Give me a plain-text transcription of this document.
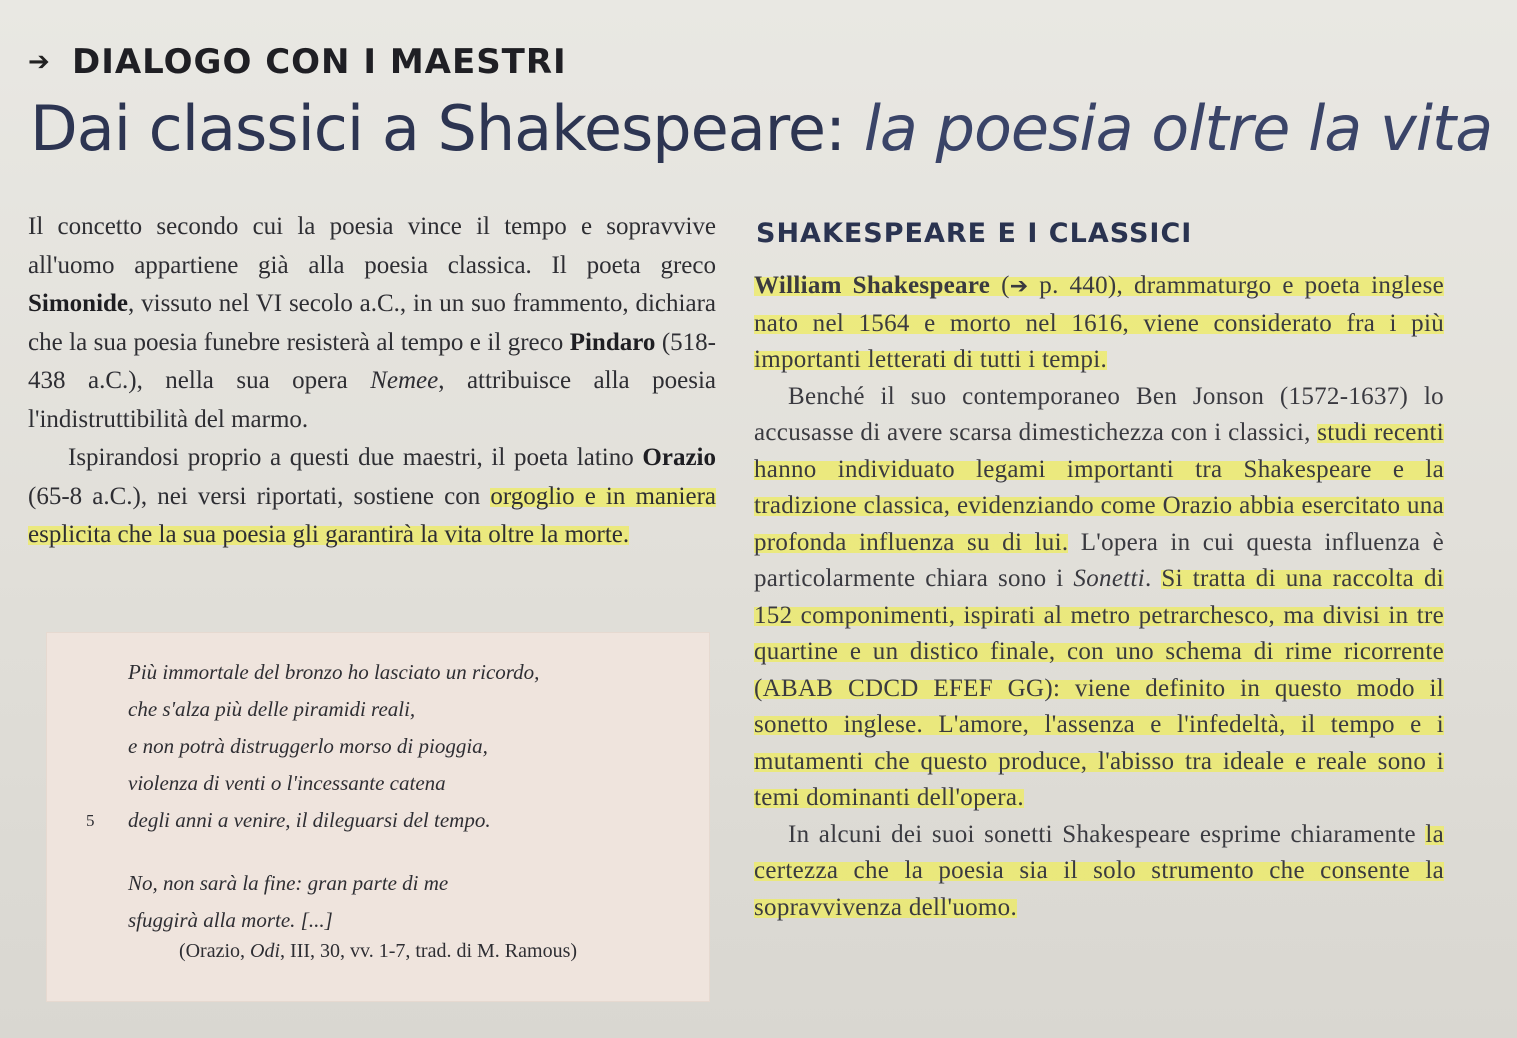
➔ DIALOGO CON I MAESTRI
Dai classici a Shakespeare: la poesia oltre la vita

Il concetto secondo cui la poesia vince il tempo e sopravvive all'uomo appartiene già alla poesia classica. Il poeta greco Simonide, vissuto nel VI secolo a.C., in un suo frammento, dichiara che la sua poesia funebre resisterà al tempo e il greco Pindaro (518-438 a.C.), nella sua opera Nemee, attribuisce alla poesia l'indistruttibilità del marmo.

Ispirandosi proprio a questi due maestri, il poeta latino Orazio (65-8 a.C.), nei versi riportati, sostiene con orgoglio e in maniera esplicita che la sua poesia gli garantirà la vita oltre la morte.

Più immortale del bronzo ho lasciato un ricordo,
che s'alza più delle piramidi reali,
e non potrà distruggerlo morso di pioggia,
violenza di venti o l'incessante catena
5 degli anni a venire, il dileguarsi del tempo.
No, non sarà la fine: gran parte di me
sfuggirà alla morte. [...]
(Orazio, Odi, III, 30, vv. 1-7, trad. di M. Ramous)
SHAKESPEARE E I CLASSICI

William Shakespeare (➔ p. 440), drammaturgo e poeta inglese nato nel 1564 e morto nel 1616, viene considerato fra i più importanti letterati di tutti i tempi.

Benché il suo contemporaneo Ben Jonson (1572-1637) lo accusasse di avere scarsa dimestichezza con i classici, studi recenti hanno individuato legami importanti tra Shakespeare e la tradizione classica, evidenziando come Orazio abbia esercitato una profonda influenza su di lui. L'opera in cui questa influenza è particolarmente chiara sono i Sonetti. Si tratta di una raccolta di 152 componimenti, ispirati al metro petrarchesco, ma divisi in tre quartine e un distico finale, con uno schema di rime ricorrente (ABAB CDCD EFEF GG): viene definito in questo modo il sonetto inglese. L'amore, l'assenza e l'infedeltà, il tempo e i mutamenti che questo produce, l'abisso tra ideale e reale sono i temi dominanti dell'opera.

In alcuni dei suoi sonetti Shakespeare esprime chiaramente la certezza che la poesia sia il solo strumento che consente la sopravvivenza dell'uomo.
